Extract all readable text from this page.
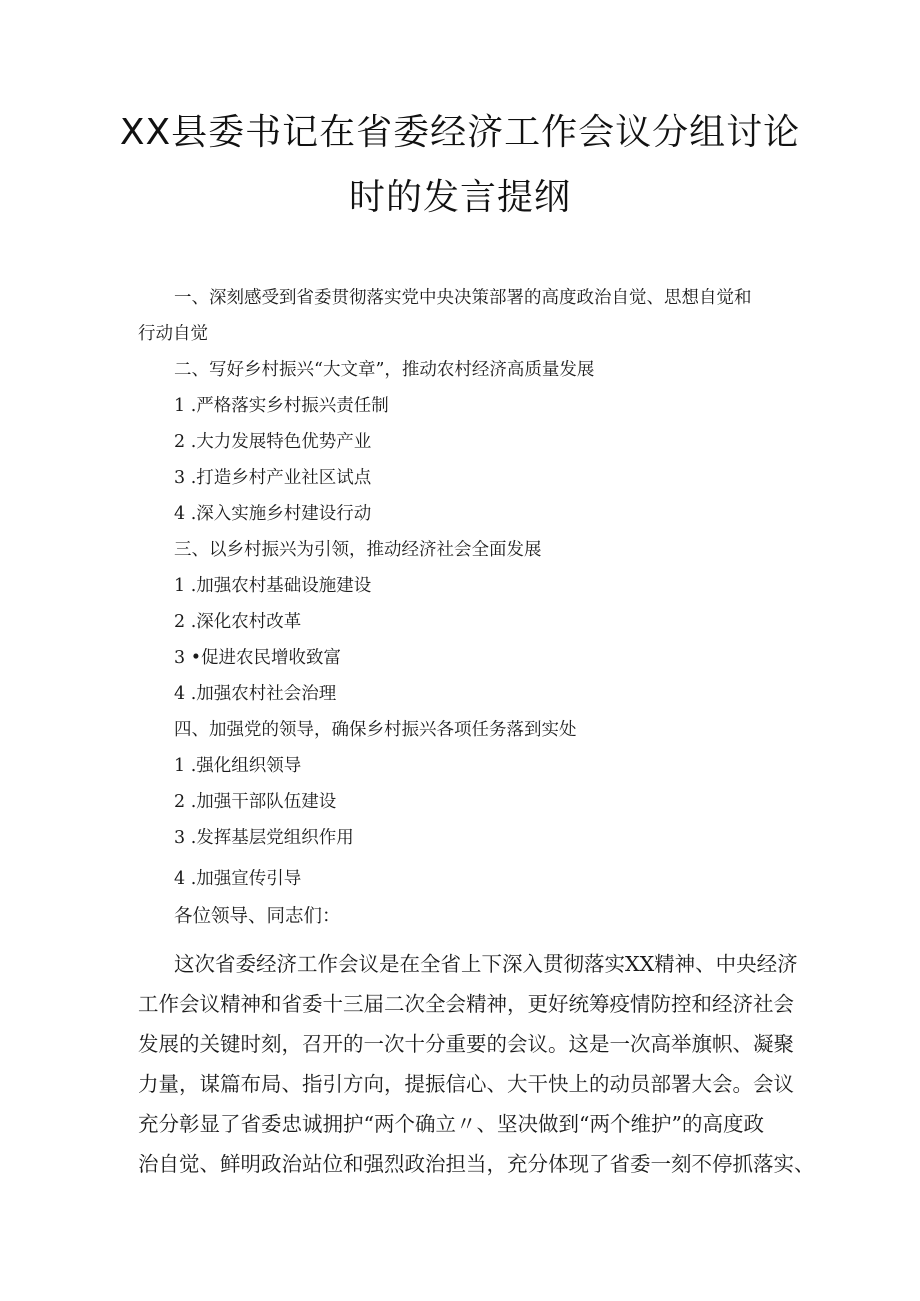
XX县委书记在省委经济工作会议分组讨论
时的发言提纲
一、深刻感受到省委贯彻落实党中央决策部署的高度政治自觉、思想自觉和
行动自觉
二、写好乡村振兴“大文章”，推动农村经济高质量发展
1 .严格落实乡村振兴责任制
2 .大力发展特色优势产业
3 .打造乡村产业社区试点
4 .深入实施乡村建设行动
三、以乡村振兴为引领，推动经济社会全面发展
1 .加强农村基础设施建设
2 .深化农村改革
3 •促进农民增收致富
4 .加强农村社会治理
四、加强党的领导，确保乡村振兴各项任务落到实处
1 .强化组织领导
2 .加强干部队伍建设
3 .发挥基层党组织作用
4 .加强宣传引导
各位领导、同志们：
这次省委经济工作会议是在全省上下深入贯彻落实XX精神、中央经济
工作会议精神和省委十三届二次全会精神，更好统筹疫情防控和经济社会
发展的关键时刻，召开的一次十分重要的会议。这是一次高举旗帜、凝聚
力量，谋篇布局、指引方向，提振信心、大干快上的动员部署大会。会议
充分彰显了省委忠诚拥护“两个确立〃、坚决做到“两个维护”的高度政
治自觉、鲜明政治站位和强烈政治担当，充分体现了省委一刻不停抓落实、
